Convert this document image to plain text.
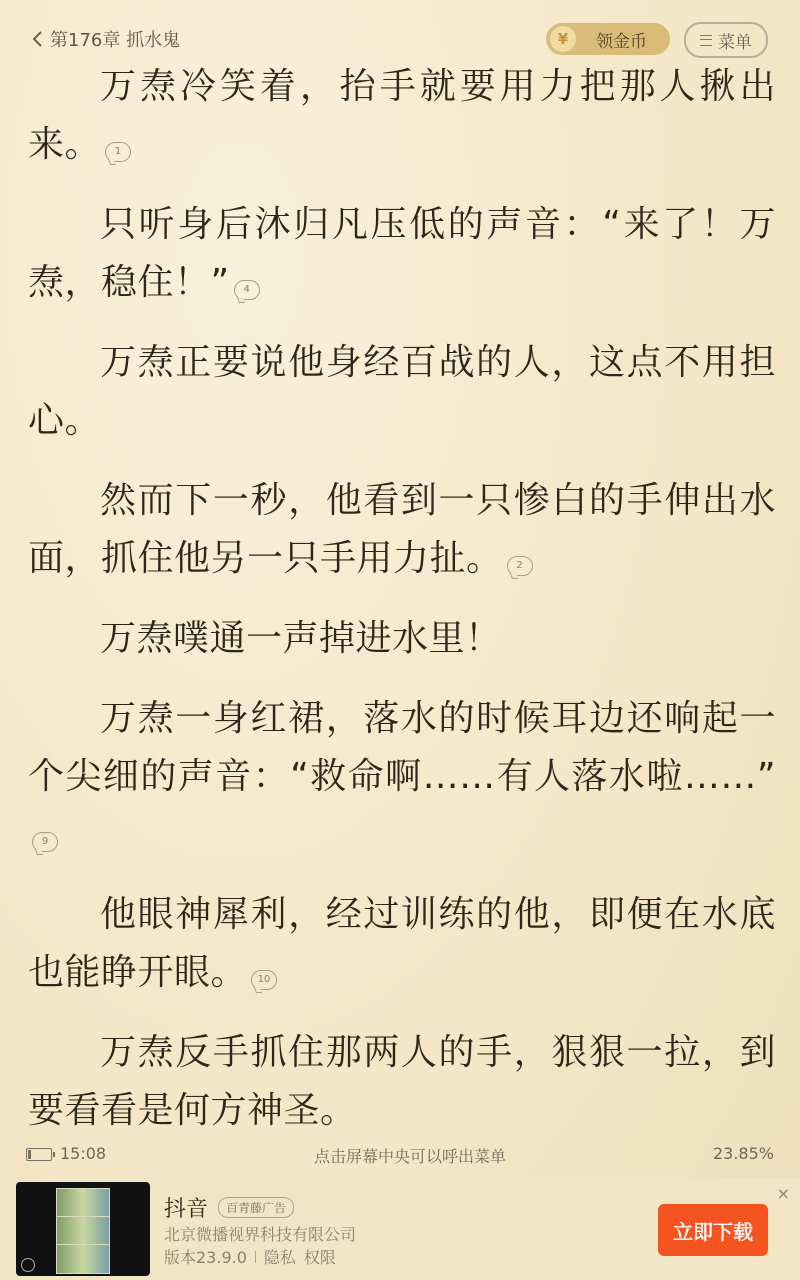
第176章 抓水鬼	¥	领金币	菜单

万焘冷笑着，抬手就要用力把那人揪出来。 1

只听身后沐归凡压低的声音：“来了！万焘，稳住！” 4

万焘正要说他身经百战的人，这点不用担心。

然而下一秒，他看到一只惨白的手伸出水面，抓住他另一只手用力扯。 2

万焘噗通一声掉进水里！

万焘一身红裙，落水的时候耳边还响起一个尖细的声音：“救命啊……有人落水啦……”9

他眼神犀利，经过训练的他，即便在水底也能睁开眼。 10

万焘反手抓住那两人的手，狠狠一拉，到要看看是何方神圣。

15:08	点击屏幕中央可以呼出菜单	23.85%
抖音	百青藤广告
北京微播视界科技有限公司
版本23.9.0 隐私 权限
立即下载
×
